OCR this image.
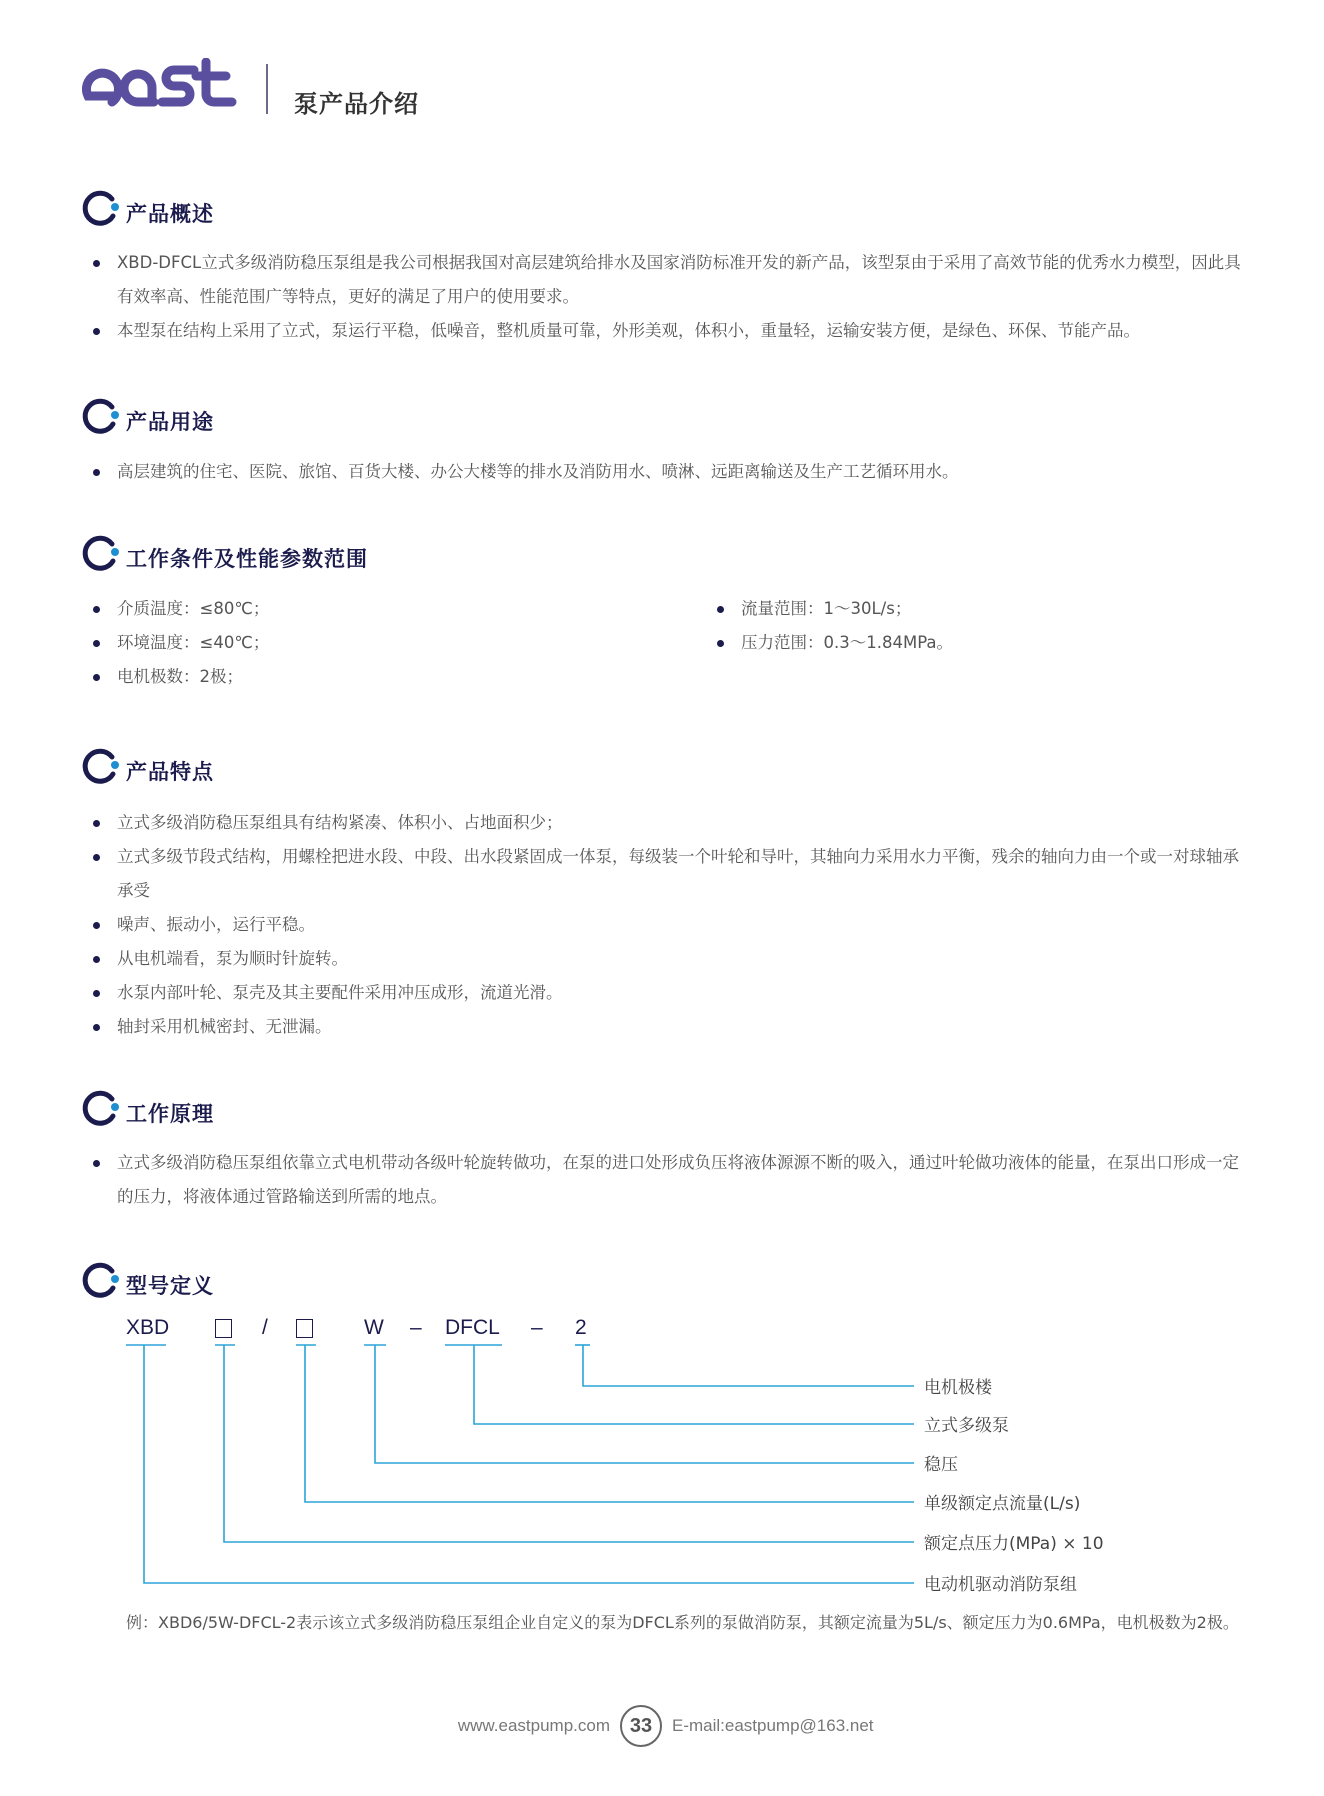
泵产品介绍
产品概述
XBD-DFCL立式多级消防稳压泵组是我公司根据我国对高层建筑给排水及国家消防标准开发的新产品，该型泵由于采用了高效节能的优秀水力模型，因此具有效率高、性能范围广等特点，更好的满足了用户的使用要求。
本型泵在结构上采用了立式，泵运行平稳，低噪音，整机质量可靠，外形美观，体积小，重量轻，运输安装方便，是绿色、环保、节能产品。
产品用途
高层建筑的住宅、医院、旅馆、百货大楼、办公大楼等的排水及消防用水、喷淋、远距离输送及生产工艺循环用水。
工作条件及性能参数范围
介质温度：≤80℃；
环境温度：≤40℃；
电机极数：2极；
流量范围：1～30L/s；
压力范围：0.3～1.84MPa。
产品特点
立式多级消防稳压泵组具有结构紧凑、体积小、占地面积少；
立式多级节段式结构，用螺栓把进水段、中段、出水段紧固成一体泵，每级装一个叶轮和导叶，其轴向力采用水力平衡，残余的轴向力由一个或一对球轴承承受
噪声、振动小，运行平稳。
从电机端看，泵为顺时针旋转。
水泵内部叶轮、泵壳及其主要配件采用冲压成形，流道光滑。
轴封采用机械密封、无泄漏。
工作原理
立式多级消防稳压泵组依靠立式电机带动各级叶轮旋转做功，在泵的进口处形成负压将液体源源不断的吸入，通过叶轮做功液体的能量，在泵出口形成一定的压力，将液体通过管路输送到所需的地点。
型号定义
XBD	/	W – DFCL – 2
电机极楼
立式多级泵
稳压
单级额定点流量(L/s)
额定点压力(MPa) × 10
电动机驱动消防泵组
例：XBD6/5W-DFCL-2表示该立式多级消防稳压泵组企业自定义的泵为DFCL系列的泵做消防泵，其额定流量为5L/s、额定压力为0.6MPa，电机极数为2极。
www.eastpump.com 33	E-mail:eastpump@163.net
